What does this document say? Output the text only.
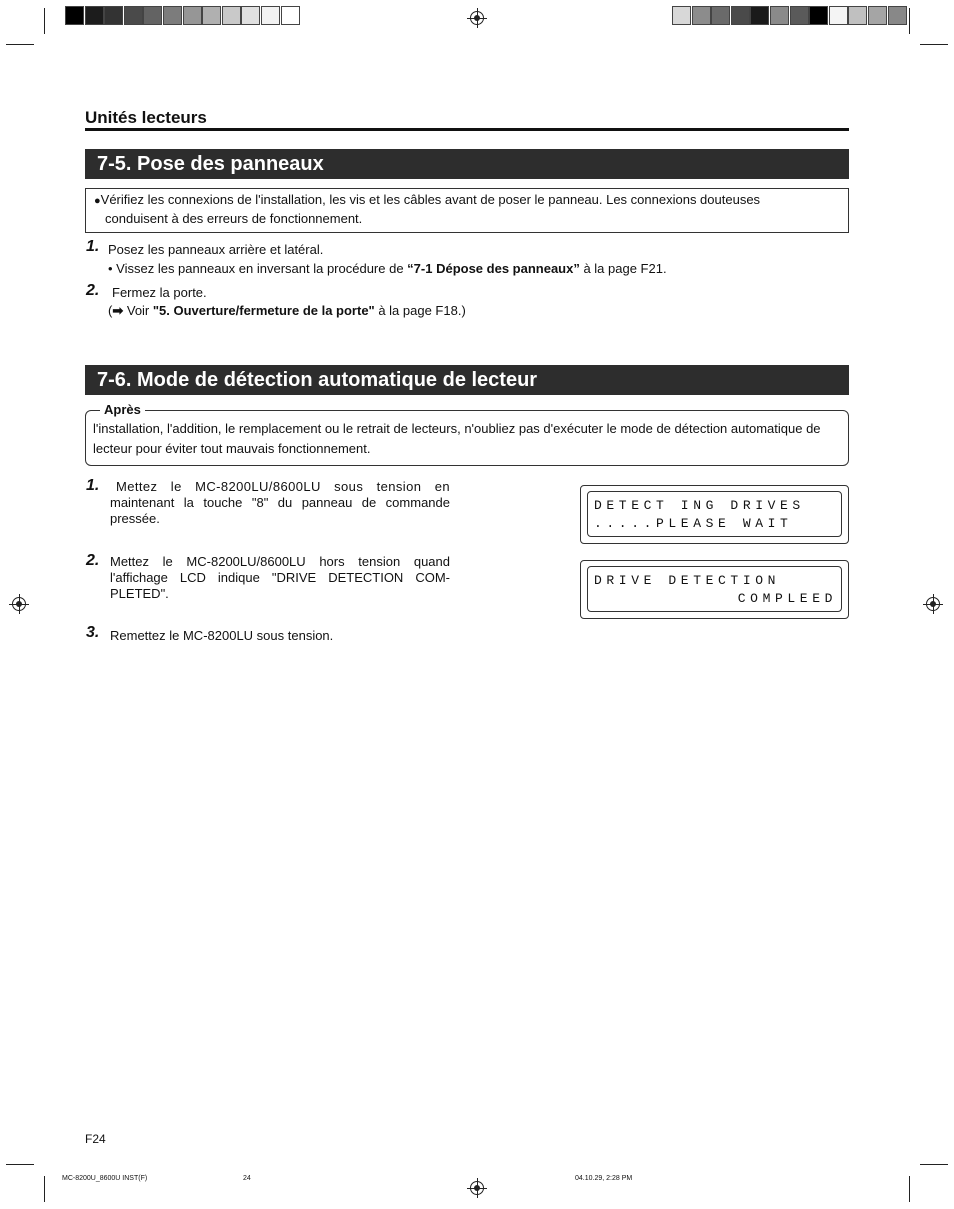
Unités lecteurs
7-5. Pose des panneaux
●Vérifiez les connexions de l'installation, les vis et les câbles avant de poser le panneau. Les connexions douteuses
conduisent à des erreurs de fonctionnement.
1. Posez les panneaux arrière et latéral.
• Vissez les panneaux en inversant la procédure de “7-1 Dépose des panneaux” à la page F21.
2. Fermez la porte.
(➡ Voir "5. Ouverture/fermeture de la porte" à la page F18.)
7-6. Mode de détection automatique de lecteur
Après
l'installation, l'addition, le remplacement ou le retrait de lecteurs, n'oubliez pas d'exécuter le mode de détection automatique de
lecteur pour éviter tout mauvais fonctionnement.
1.	Mettez le MC-8200LU/8600LU sous tension en
maintenant la touche "8" du panneau de commande
pressée.
2. Mettez le MC-8200LU/8600LU hors tension quand
l'affichage LCD indique "DRIVE DETECTION COM-
PLETED".
3. Remettez le MC-8200LU sous tension.

DETECT ING DRIVES

.....PLEASE WAIT

DRIVE DETECTION

COMPLEED

F24
MC-8200U_8600U INST(F)	24	04.10.29, 2:28 PM
